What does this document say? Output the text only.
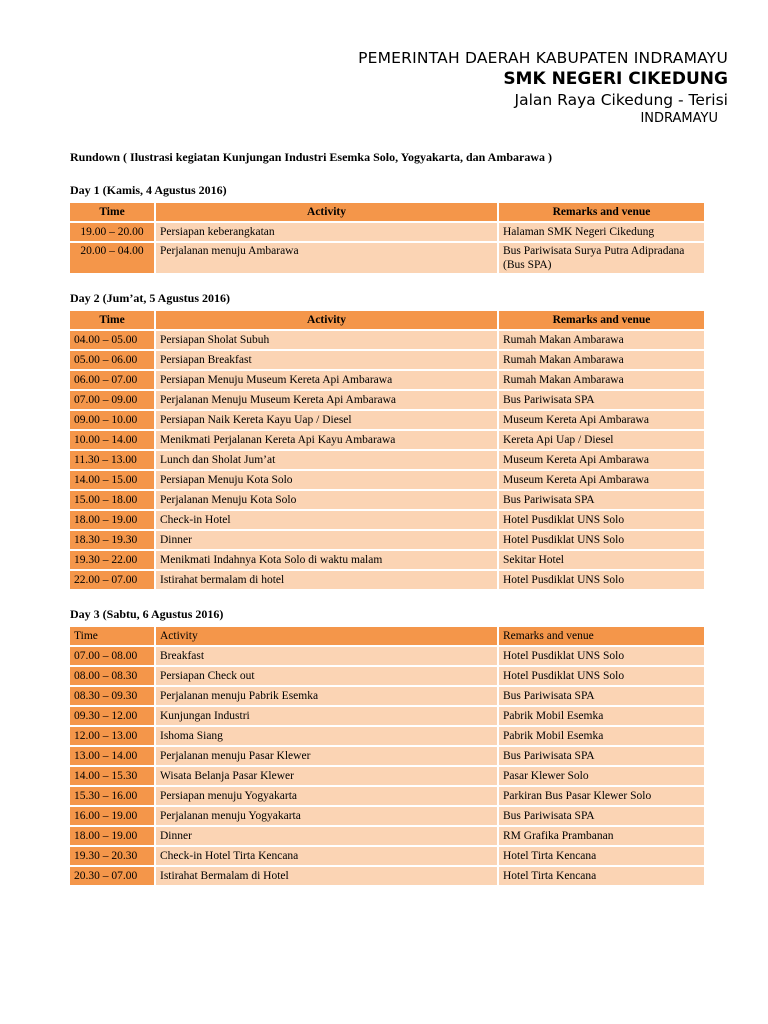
PEMERINTAH DAERAH KABUPATEN INDRAMAYU
SMK NEGERI CIKEDUNG
Jalan Raya Cikedung - Terisi
INDRAMAYU
Rundown ( Ilustrasi kegiatan Kunjungan Industri Esemka Solo, Yogyakarta, dan Ambarawa )
Day 1 (Kamis, 4 Agustus 2016)
Time	Activity	Remarks and venue
19.00 – 20.00	Persiapan keberangkatan	Halaman SMK Negeri Cikedung
20.00 – 04.00	Perjalanan menuju Ambarawa	Bus Pariwisata Surya Putra Adipradana (Bus SPA)
Day 2 (Jum’at, 5 Agustus 2016)
Time	Activity	Remarks and venue
04.00 – 05.00	Persiapan Sholat Subuh	Rumah Makan Ambarawa
05.00 – 06.00	Persiapan Breakfast	Rumah Makan Ambarawa
06.00 – 07.00	Persiapan Menuju Museum Kereta Api Ambarawa	Rumah Makan Ambarawa
07.00 – 09.00	Perjalanan Menuju Museum Kereta Api Ambarawa	Bus Pariwisata SPA
09.00 – 10.00	Persiapan Naik Kereta Kayu Uap / Diesel	Museum Kereta Api Ambarawa
10.00 – 14.00	Menikmati Perjalanan Kereta Api Kayu Ambarawa	Kereta Api Uap / Diesel
11.30 – 13.00	Lunch dan Sholat Jum’at	Museum Kereta Api Ambarawa
14.00 – 15.00	Persiapan Menuju Kota Solo	Museum Kereta Api Ambarawa
15.00 – 18.00	Perjalanan Menuju Kota Solo	Bus Pariwisata SPA
18.00 – 19.00	Check-in Hotel	Hotel Pusdiklat UNS Solo
18.30 – 19.30	Dinner	Hotel Pusdiklat UNS Solo
19.30 – 22.00	Menikmati Indahnya Kota Solo di waktu malam	Sekitar Hotel
22.00 – 07.00	Istirahat bermalam di hotel	Hotel Pusdiklat UNS Solo
Day 3 (Sabtu, 6 Agustus 2016)
Time	Activity	Remarks and venue
07.00 – 08.00	Breakfast	Hotel Pusdiklat UNS Solo
08.00 – 08.30	Persiapan Check out	Hotel Pusdiklat UNS Solo
08.30 – 09.30	Perjalanan menuju Pabrik Esemka	Bus Pariwisata SPA
09.30 – 12.00	Kunjungan Industri	Pabrik Mobil Esemka
12.00 – 13.00	Ishoma Siang	Pabrik Mobil Esemka
13.00 – 14.00	Perjalanan menuju Pasar Klewer	Bus Pariwisata SPA
14.00 – 15.30	Wisata Belanja Pasar Klewer	Pasar Klewer Solo
15.30 – 16.00	Persiapan menuju Yogyakarta	Parkiran Bus Pasar Klewer Solo
16.00 – 19.00	Perjalanan menuju Yogyakarta	Bus Pariwisata SPA
18.00 – 19.00	Dinner	RM Grafika Prambanan
19.30 – 20.30	Check-in Hotel Tirta Kencana	Hotel Tirta Kencana
20.30 – 07.00	Istirahat Bermalam di Hotel	Hotel Tirta Kencana
